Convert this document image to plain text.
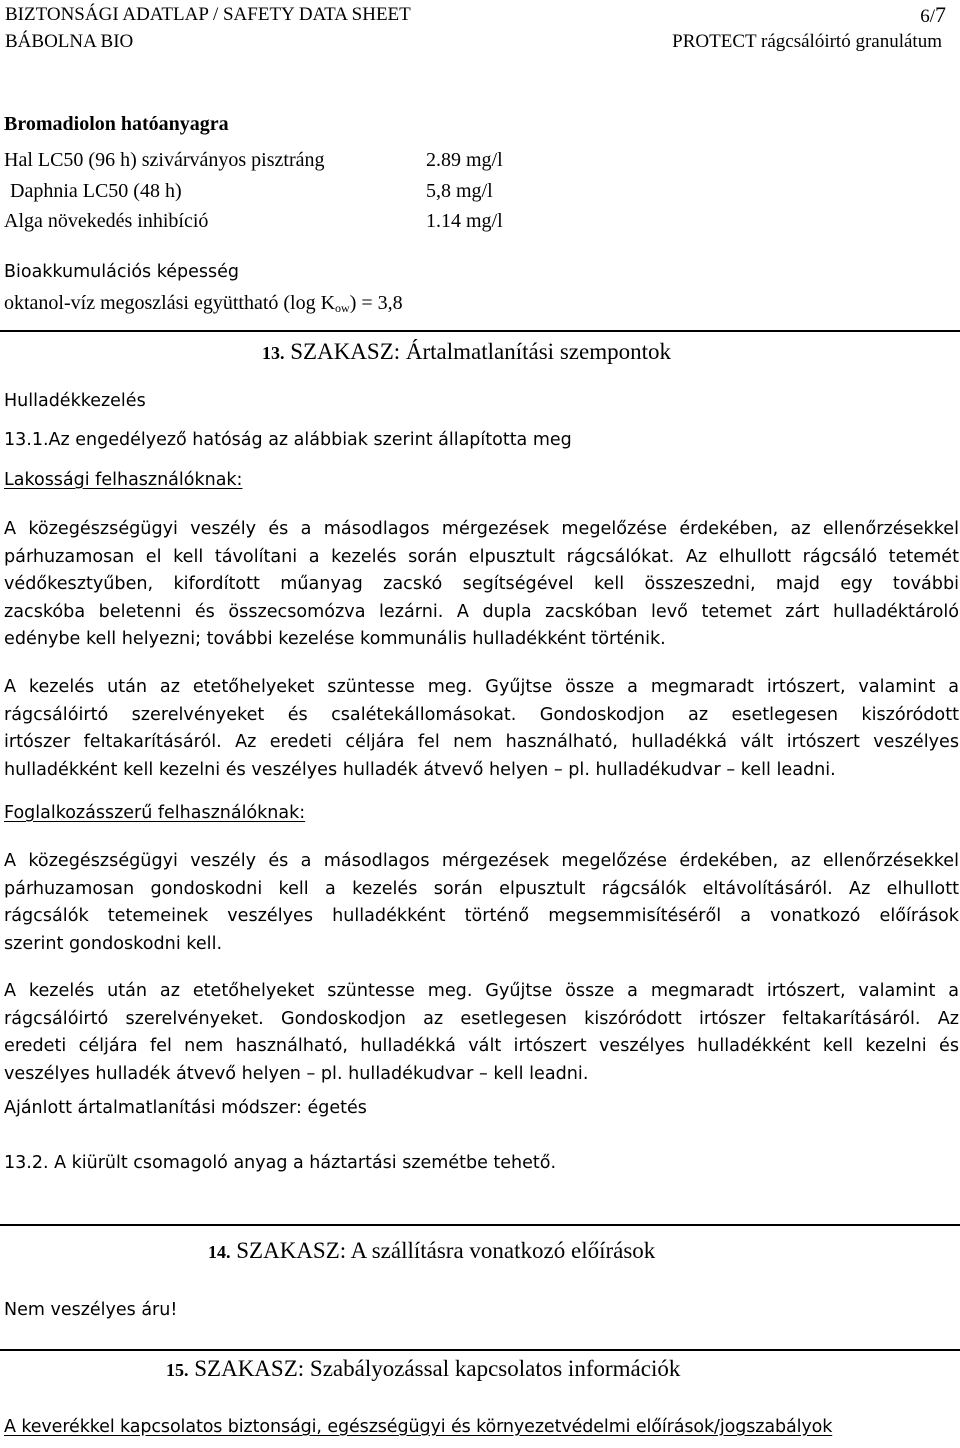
BIZTONSÁGI ADATLAP / SAFETY DATA SHEET
BÁBOLNA BIO
6/7
PROTECT rágcsálóirtó granulátum
Bromadiolon hatóanyagra
Hal LC50 (96 h) szivárványos pisztráng	2.89 mg/l
Daphnia LC50 (48 h)	5,8 mg/l
Alga növekedés inhibíció	1.14 mg/l
Bioakkumulációs képesség
oktanol-víz megoszlási együttható (log $K_{ow}) = 3,8$
13. SZAKASZ: Ártalmatlanítási szempontok
Hulladékkezelés
13.1.Az engedélyező hatóság az alábbiak szerint állapította meg
Lakossági felhasználóknak:
A közegészségügyi veszély és a másodlagos mérgezések megelőzése érdekében, az ellenőrzésekkel
párhuzamosan el kell távolítani a kezelés során elpusztult rágcsálókat. Az elhullott rágcsáló tetemét
védőkesztyűben, kifordított műanyag zacskó segítségével kell összeszedni, majd egy további
zacskóba beletenni és összecsomózva lezárni. A dupla zacskóban levő tetemet zárt hulladéktároló
edénybe kell helyezni; további kezelése kommunális hulladékként történik.
A kezelés után az etetőhelyeket szüntesse meg. Gyűjtse össze a megmaradt irtószert, valamint a
rágcsálóirtó szerelvényeket és csalétekállomásokat. Gondoskodjon az esetlegesen kiszóródott
irtószer feltakarításáról. Az eredeti céljára fel nem használható, hulladékká vált irtószert veszélyes
hulladékként kell kezelni és veszélyes hulladék átvevő helyen – pl. hulladékudvar – kell leadni.
Foglalkozásszerű felhasználóknak:
A közegészségügyi veszély és a másodlagos mérgezések megelőzése érdekében, az ellenőrzésekkel
párhuzamosan gondoskodni kell a kezelés során elpusztult rágcsálók eltávolításáról. Az elhullott
rágcsálók tetemeinek veszélyes hulladékként történő megsemmisítéséről a vonatkozó előírások
szerint gondoskodni kell.
A kezelés után az etetőhelyeket szüntesse meg. Gyűjtse össze a megmaradt irtószert, valamint a
rágcsálóirtó szerelvényeket. Gondoskodjon az esetlegesen kiszóródott irtószer feltakarításáról. Az
eredeti céljára fel nem használható, hulladékká vált irtószert veszélyes hulladékként kell kezelni és
veszélyes hulladék átvevő helyen – pl. hulladékudvar – kell leadni.
Ajánlott ártalmatlanítási módszer: égetés
13.2. A kiürült csomagoló anyag a háztartási szemétbe tehető.
14. SZAKASZ: A szállításra vonatkozó előírások
Nem veszélyes áru!
15. SZAKASZ: Szabályozással kapcsolatos információk
A keverékkel kapcsolatos biztonsági, egészségügyi és környezetvédelmi előírások/jogszabályok
